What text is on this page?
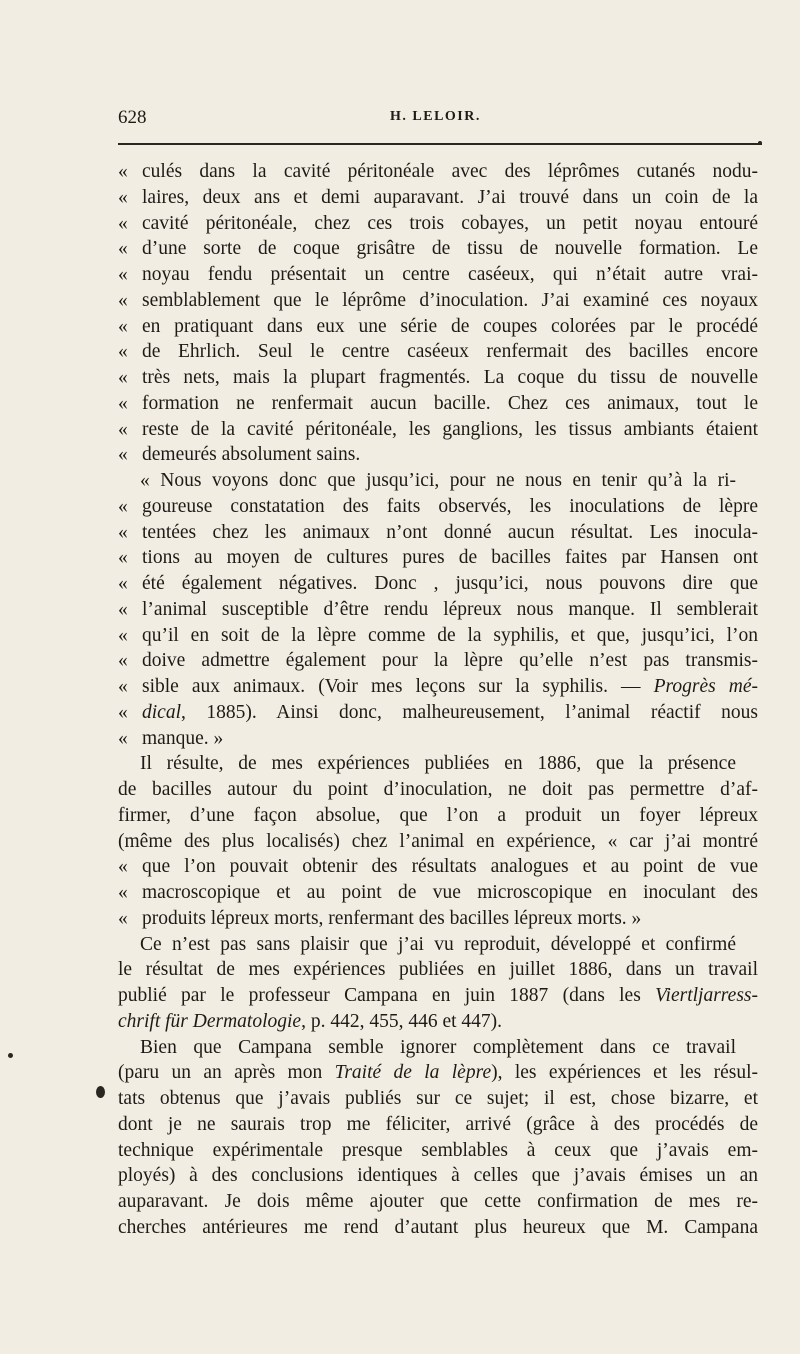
628	H. LELOIR.
« culés dans la cavité péritonéale avec des léprômes cutanés nodu-
« laires, deux ans et demi auparavant. J’ai trouvé dans un coin de la
« cavité péritonéale, chez ces trois cobayes, un petit noyau entouré
« d’une sorte de coque grisâtre de tissu de nouvelle formation. Le
« noyau fendu présentait un centre caséeux, qui n’était autre vrai-
« semblablement que le léprôme d’inoculation. J’ai examiné ces noyaux
« en pratiquant dans eux une série de coupes colorées par le procédé
« de Ehrlich. Seul le centre caséeux renfermait des bacilles encore
« très nets, mais la plupart fragmentés. La coque du tissu de nouvelle
« formation ne renfermait aucun bacille. Chez ces animaux, tout le
« reste de la cavité péritonéale, les ganglions, les tissus ambiants étaient
« demeurés absolument sains.
« Nous voyons donc que jusqu’ici, pour ne nous en tenir qu’à la ri-
« goureuse constatation des faits observés, les inoculations de lèpre
« tentées chez les animaux n’ont donné aucun résultat. Les inocula-
« tions au moyen de cultures pures de bacilles faites par Hansen ont
« été également négatives. Donc , jusqu’ici, nous pouvons dire que
« l’animal susceptible d’être rendu lépreux nous manque. Il semblerait
« qu’il en soit de la lèpre comme de la syphilis, et que, jusqu’ici, l’on
« doive admettre également pour la lèpre qu’elle n’est pas transmis-
« sible aux animaux. (Voir mes leçons sur la syphilis. — Progrès mé-
« dical, 1885). Ainsi donc, malheureusement, l’animal réactif nous
« manque. »
Il résulte, de mes expériences publiées en 1886, que la présence
de bacilles autour du point d’inoculation, ne doit pas permettre d’af-
firmer, d’une façon absolue, que l’on a produit un foyer lépreux
(même des plus localisés) chez l’animal en expérience, « car j’ai montré
« que l’on pouvait obtenir des résultats analogues et au point de vue
« macroscopique et au point de vue microscopique en inoculant des
« produits lépreux morts, renfermant des bacilles lépreux morts. »
Ce n’est pas sans plaisir que j’ai vu reproduit, développé et confirmé
le résultat de mes expériences publiées en juillet 1886, dans un travail
publié par le professeur Campana en juin 1887 (dans les Viertljarress-
chrift für Dermatologie, p. 442, 455, 446 et 447).
Bien que Campana semble ignorer complètement dans ce travail
(paru un an après mon Traité de la lèpre), les expériences et les résul-
tats obtenus que j’avais publiés sur ce sujet; il est, chose bizarre, et
dont je ne saurais trop me féliciter, arrivé (grâce à des procédés de
technique expérimentale presque semblables à ceux que j’avais em-
ployés) à des conclusions identiques à celles que j’avais émises un an
auparavant. Je dois même ajouter que cette confirmation de mes re-
cherches antérieures me rend d’autant plus heureux que M. Campana
